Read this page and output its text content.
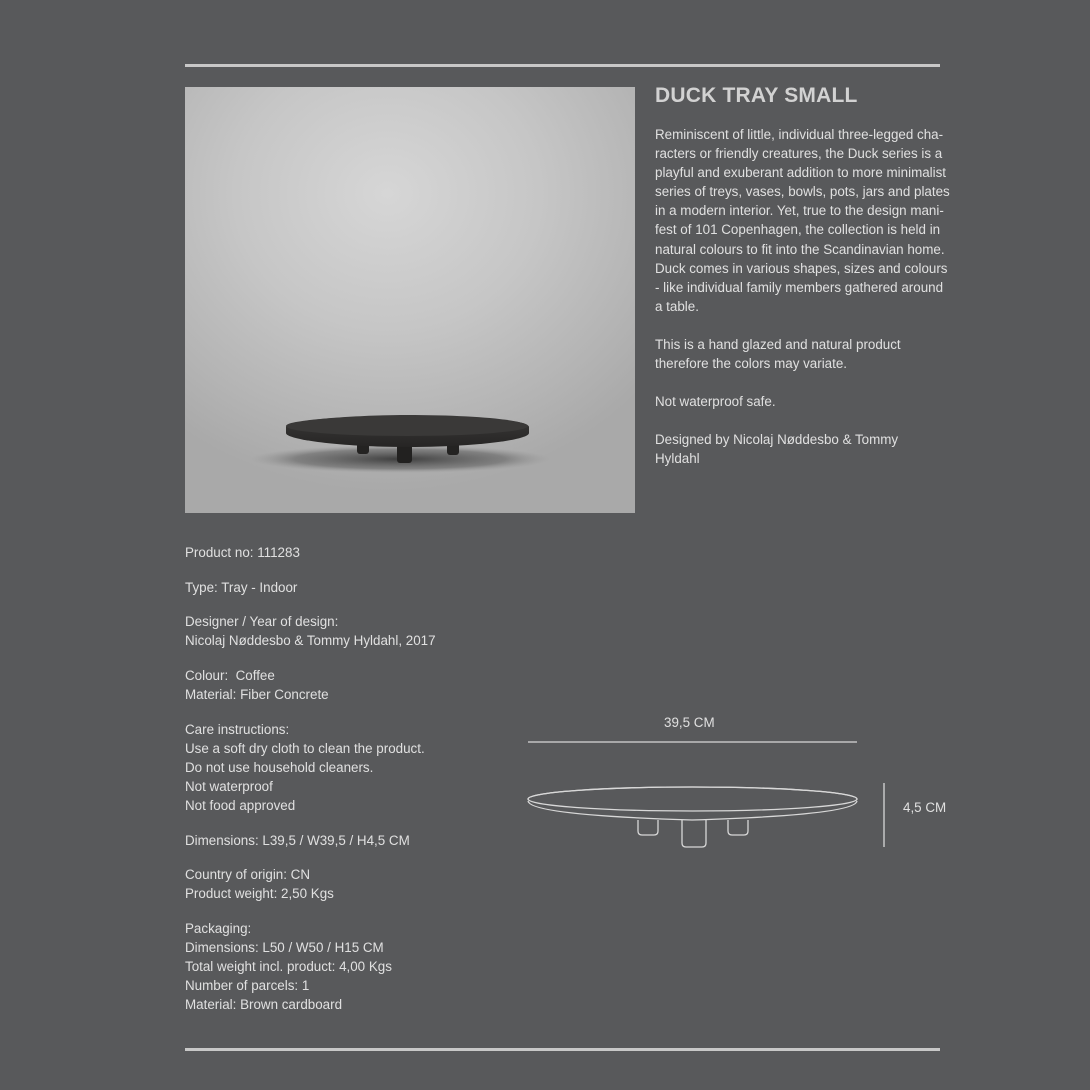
DUCK TRAY SMALL

Reminiscent of little, individual three-legged cha-
racters or friendly creatures, the Duck series is a
playful and exuberant addition to more minimalist
series of treys, vases, bowls, pots, jars and plates
in a modern interior. Yet, true to the design mani-
fest of 101 Copenhagen, the collection is held in
natural colours to fit into the Scandinavian home.
Duck comes in various shapes, sizes and colours
- like individual family members gathered around
a table.

This is a hand glazed and natural product
therefore the colors may variate.

Not waterproof safe.

Designed by Nicolaj Nøddesbo & Tommy Hyldahl

Product no: 111283
Type: Tray - Indoor
Designer / Year of design:
Nicolaj Nøddesbo & Tommy Hyldahl, 2017
Colour:  Coffee
Material: Fiber Concrete
Care instructions:
Use a soft dry cloth to clean the product.
Do not use household cleaners.
Not waterproof
Not food approved
Dimensions: L39,5 / W39,5 / H4,5 CM
Country of origin: CN
Product weight: 2,50 Kgs
Packaging:
Dimensions: L50 / W50 / H15 CM
Total weight incl. product: 4,00 Kgs
Number of parcels: 1
Material: Brown cardboard
39,5 CM
4,5 CM
